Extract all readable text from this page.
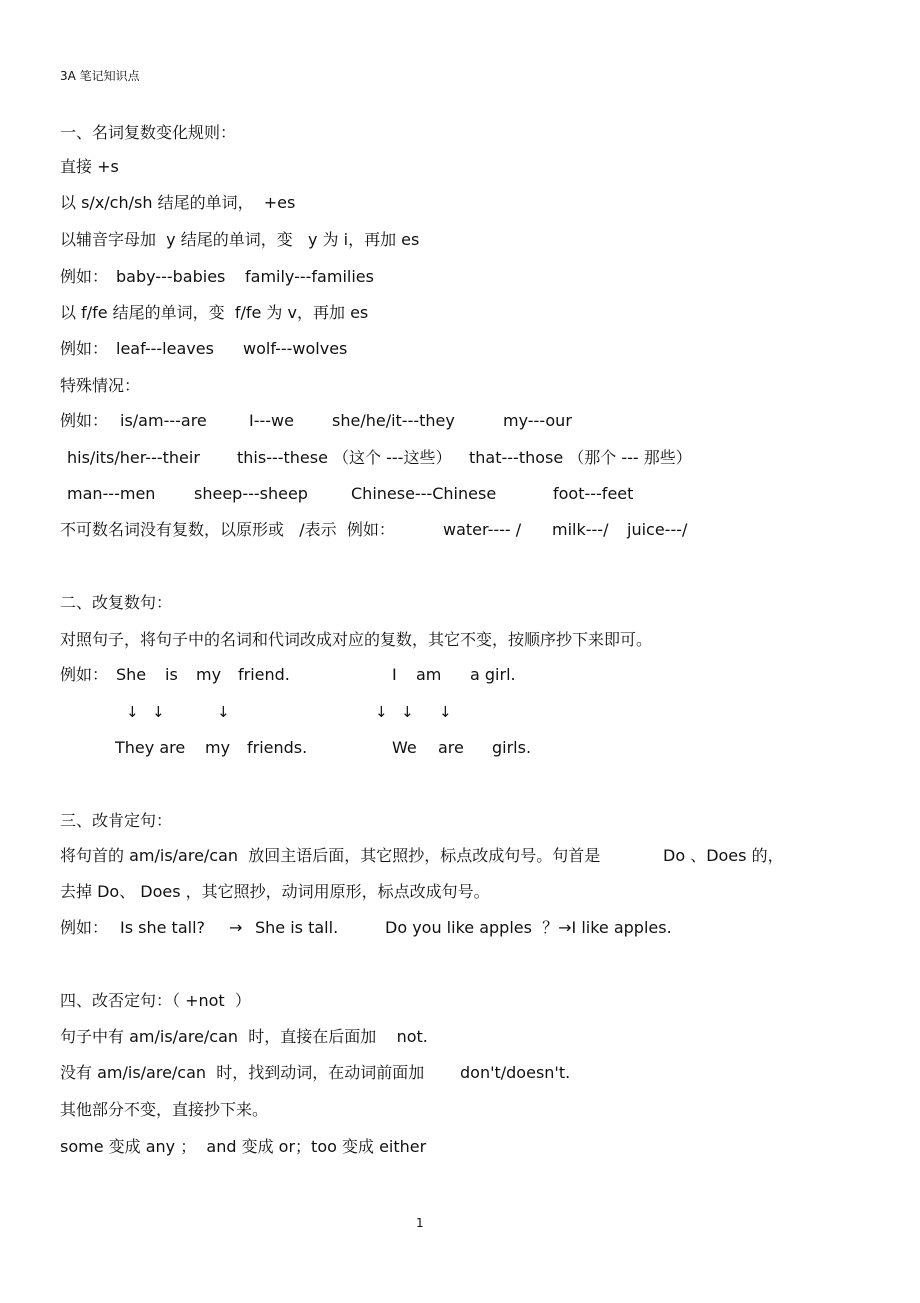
3A 笔记知识点
一、名词复数变化规则：
直接 +s
以 s/x/ch/sh 结尾的单词，  +es
以辅音字母加  y 结尾的单词，变   y 为 i，再加 es
例如： baby---babies family---families
以 f/fe 结尾的单词，变  f/fe 为 v，再加 es
例如： leaf---leaves wolf---wolves
特殊情况：
例如： is/am---are	I---we she/he/it---they	my---our
his/its/her---their this---these （这个 ---这些） that---those （那个 --- 那些）
man---men sheep---sheep	Chinese---Chinese	foot---feet
不可数名词没有复数，以原形或   /表示  例如：	water---- / milk---/ juice---/
二、改复数句：
对照句子，将句子中的名词和代词改成对应的复数，其它不变，按顺序抄下来即可。
例如： She is my friend.	I am a girl.
↓ ↓	↓	↓ ↓ ↓
They are my friends.	We are girls.
三、改肯定句：
将句首的 am/is/are/can  放回主语后面，其它照抄，标点改成句号。句首是	Do 、Does 的，
去掉 Do、 Does ，其它照抄，动词用原形，标点改成句号。
例如： Is she tall? → She is tall.	Do you like apples  ？→I like apples.
四、改否定句：（ +not  ）
句子中有 am/is/are/can  时，直接在后面加    not.
没有 am/is/are/can  时，找到动词，在动词前面加 don't/doesn't.
其他部分不变，直接抄下来。
some 变成 any ；  and 变成 or；too 变成 either
1
